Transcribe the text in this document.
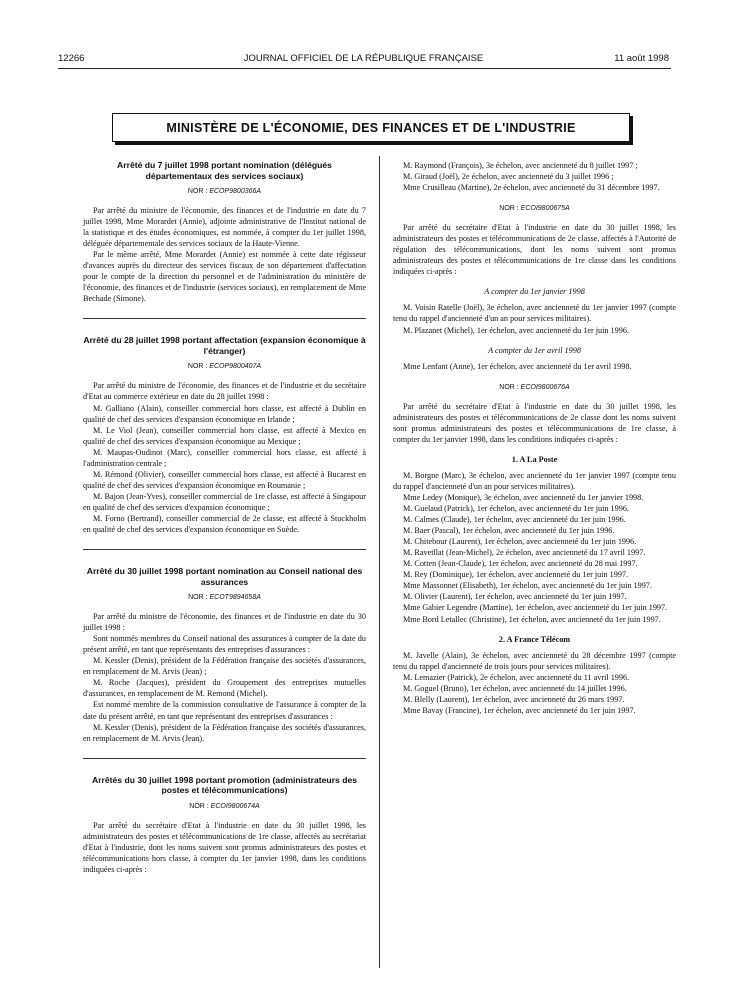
12266	JOURNAL OFFICIEL DE LA RÉPUBLIQUE FRANÇAISE	11 août 1998
MINISTÈRE DE L'ÉCONOMIE, DES FINANCES ET DE L'INDUSTRIE

Arrêté du 7 juillet 1998 portant nomination (délégués départementaux des services sociaux)

NOR : ECOP9800366A

Par arrêté du ministre de l'économie, des finances et de l'industrie en date du 7 juillet 1998, Mme Morardet (Annie), adjointe administrative de l'Institut national de la statistique et des études économiques, est nommée, à compter du 1er juillet 1998, déléguée départementale des services sociaux de la Haute-Vienne.

Par le même arrêté, Mme Morardet (Annie) est nommée à cette date régisseur d'avances auprès du directeur des services fiscaux de son département d'affectation pour le compte de la direction du personnel et de l'administration du ministère de l'économie, des finances et de l'industrie (services sociaux), en remplacement de Mme Bechade (Simone).

Arrêté du 28 juillet 1998 portant affectation (expansion économique à l'étranger)

NOR : ECOP9800407A

Par arrêté du ministre de l'économie, des finances et de l'industrie et du secrétaire d'Etat au commerce extérieur en date du 28 juillet 1998 :

M. Galliano (Alain), conseiller commercial hors classe, est affecté à Dublin en qualité de chef des services d'expansion économique en Irlande ;

M. Le Viol (Jean), conseiller commercial hors classe, est affecté à Mexico en qualité de chef des services d'expansion économique au Mexique ;

M. Maupas-Oudinot (Marc), conseiller commercial hors classe, est affecté à l'administration centrale ;

M. Rémond (Olivier), conseiller commercial hors classe, est affecté à Bucarest en qualité de chef des services d'expansion économique en Roumanie ;

M. Bajon (Jean-Yves), conseiller commercial de 1re classe, est affecté à Singapour en qualité de chef des services d'expansion économique ;

M. Forno (Bertrand), conseiller commercial de 2e classe, est affecté à Stockholm en qualité de chef des services d'expansion économique en Suède.

Arrêté du 30 juillet 1998 portant nomination au Conseil national des assurances

NOR : ECOT9894658A

Par arrêté du ministre de l'économie, des finances et de l'industrie en date du 30 juillet 1998 :

Sont nommés membres du Conseil national des assurances à compter de la date du présent arrêté, en tant que représentants des entreprises d'assurances :

M. Kessler (Denis), président de la Fédération française des sociétés d'assurances, en remplacement de M. Arvis (Jean) ;

M. Roche (Jacques), président du Groupement des entreprises mutuelles d'assurances, en remplacement de M. Remond (Michel).

Est nommé membre de la commission consultative de l'assurance à compter de la date du présent arrêté, en tant que représentant des entreprises d'assurances :

M. Kessler (Denis), président de la Fédération française des sociétés d'assurances, en remplacement de M. Arvis (Jean).

Arrêtés du 30 juillet 1998 portant promotion (administrateurs des postes et télécommunications)

NOR : ECOI9800674A

Par arrêté du secrétaire d'Etat à l'industrie en date du 30 juillet 1998, les administrateurs des postes et télécommunications de 1re classe, affectés au secrétariat d'Etat à l'industrie, dont les noms suivent sont promus administrateurs des postes et télécommunications hors classe, à compter du 1er janvier 1998, dans les conditions indiquées ci-après :

M. Raymond (François), 3e échelon, avec ancienneté du 8 juillet 1997 ;

M. Giraud (Joël), 2e échelon, avec ancienneté du 3 juillet 1996 ;

Mme Crusilleau (Martine), 2e échelon, avec ancienneté du 31 décembre 1997.

NOR : ECOI9800675A

Par arrêté du secrétaire d'Etat à l'industrie en date du 30 juillet 1998, les administrateurs des postes et télécommunications de 2e classe, affectés à l'Autorité de régulation des télécommunications, dont les noms suivent sont promus administrateurs des postes et télécommunications de 1re classe dans les conditions indiquées ci-après :

A compter du 1er janvier 1998

M. Voisin Ratelle (Joël), 3e échelon, avec ancienneté du 1er janvier 1997 (compte tenu du rappel d'ancienneté d'un an pour services militaires).

M. Plazanet (Michel), 1er échelon, avec ancienneté du 1er juin 1996.

A compter du 1er avril 1998

Mme Lenfant (Anne), 1er échelon, avec ancienneté du 1er avril 1998.

NOR : ECOI9800676A

Par arrêté du secrétaire d'Etat à l'industrie en date du 30 juillet 1998, les administrateurs des postes et télécommunications de 2e classe dont les noms suivent sont promus administrateurs des postes et télécommunications de 1re classe, à compter du 1er janvier 1998, dans les conditions indiquées ci-après :

1. A La Poste

M. Borgne (Marc), 3e échelon, avec ancienneté du 1er janvier 1997 (compte tenu du rappel d'ancienneté d'un an pour services militaires).

Mme Ledey (Monique), 3e échelon, avec ancienneté du 1er janvier 1998.

M. Guelaud (Patrick), 1er échelon, avec ancienneté du 1er juin 1996.

M. Calmes (Claude), 1er échelon, avec ancienneté du 1er juin 1996.

M. Baer (Pascal), 1er échelon, avec ancienneté du 1er juin 1996.

M. Chitebour (Laurent), 1er échelon, avec ancienneté du 1er juin 1996.

M. Ravetllat (Jean-Michel), 2e échelon, avec ancienneté du 17 avril 1997.

M. Cotten (Jean-Claude), 1er échelon, avec ancienneté du 28 mai 1997.

M. Rey (Dominique), 1er échelon, avec ancienneté du 1er juin 1997.

Mme Massonnet (Elisabeth), 1er échelon, avec ancienneté du 1er juin 1997.

M. Olivier (Laurent), 1er échelon, avec ancienneté du 1er juin 1997.

Mme Gabier Legendre (Martine), 1er échelon, avec ancienneté du 1er juin 1997.

Mme Bord Letallec (Christine), 1er échelon, avec ancienneté du 1er juin 1997.

2. A France Télécom

M. Javelle (Alain), 3e échelon, avec ancienneté du 28 décembre 1997 (compte tenu du rappel d'ancienneté de trois jours pour services militaires).

M. Lemazier (Patrick), 2e échelon, avec ancienneté du 11 avril 1996.

M. Goguel (Bruno), 1er échelon, avec ancienneté du 14 juillet 1996.

M. Blelly (Laurent), 1er échelon, avec ancienneté du 26 mars 1997.

Mme Bavay (Francine), 1er échelon, avec ancienneté du 1er juin 1997.
